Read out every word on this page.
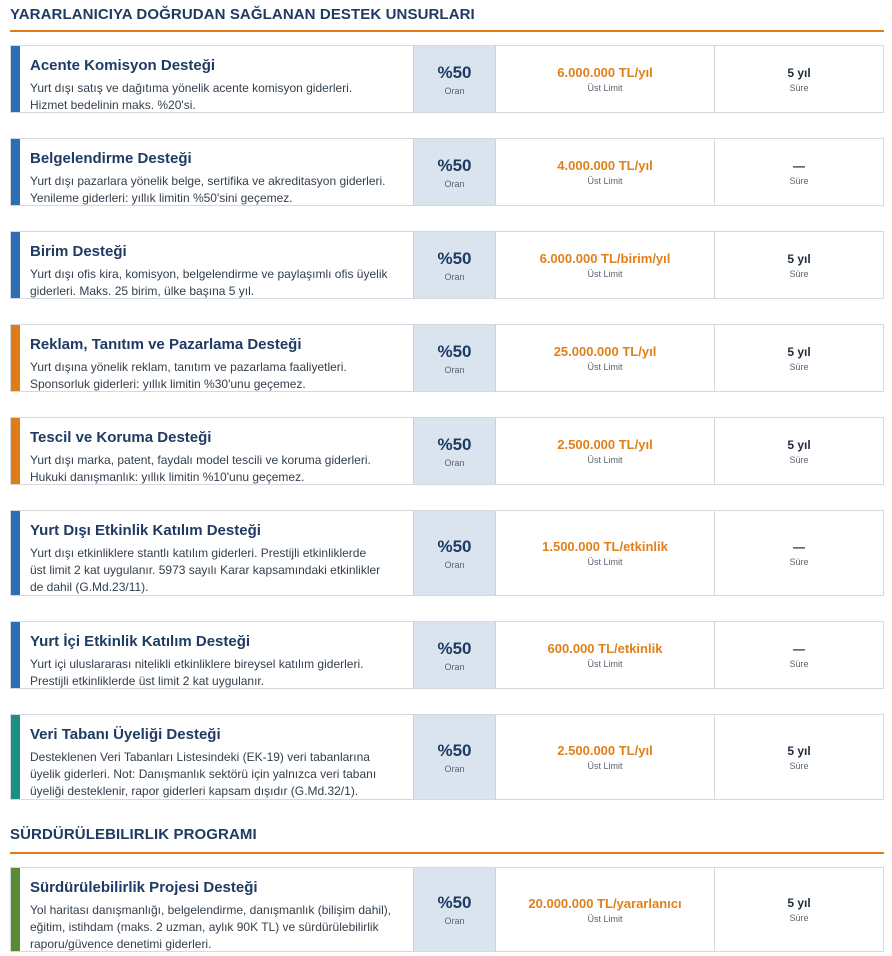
YARARLANICIYA DOĞRUDAN SAĞLANAN DESTEK UNSURLARI
SÜRDÜRÜLEBILIRLIK PROGRAMI
Acente Komisyon Desteği
Yurt dışı satış ve dağıtıma yönelik acente komisyon giderleri.
Hizmet bedelinin maks. %20'si.
%50
Oran
6.000.000 TL/yıl
Üst Limit
5 yıl
Süre
Belgelendirme Desteği
Yurt dışı pazarlara yönelik belge, sertifika ve akreditasyon giderleri.
Yenileme giderleri: yıllık limitin %50'sini geçemez.
%50
Oran
4.000.000 TL/yıl
Üst Limit
—
Süre
Birim Desteği
Yurt dışı ofis kira, komisyon, belgelendirme ve paylaşımlı ofis üyelik
giderleri. Maks. 25 birim, ülke başına 5 yıl.
%50
Oran
6.000.000 TL/birim/yıl
Üst Limit
5 yıl
Süre
Reklam, Tanıtım ve Pazarlama Desteği
Yurt dışına yönelik reklam, tanıtım ve pazarlama faaliyetleri.
Sponsorluk giderleri: yıllık limitin %30'unu geçemez.
%50
Oran
25.000.000 TL/yıl
Üst Limit
5 yıl
Süre
Tescil ve Koruma Desteği
Yurt dışı marka, patent, faydalı model tescili ve koruma giderleri.
Hukuki danışmanlık: yıllık limitin %10'unu geçemez.
%50
Oran
2.500.000 TL/yıl
Üst Limit
5 yıl
Süre
Yurt Dışı Etkinlik Katılım Desteği
Yurt dışı etkinliklere stantlı katılım giderleri. Prestijli etkinliklerde
üst limit 2 kat uygulanır. 5973 sayılı Karar kapsamındaki etkinlikler
de dahil (G.Md.23/11).
%50
Oran
1.500.000 TL/etkinlik
Üst Limit
—
Süre
Yurt İçi Etkinlik Katılım Desteği
Yurt içi uluslararası nitelikli etkinliklere bireysel katılım giderleri.
Prestijli etkinliklerde üst limit 2 kat uygulanır.
%50
Oran
600.000 TL/etkinlik
Üst Limit
—
Süre
Veri Tabanı Üyeliği Desteği
Desteklenen Veri Tabanları Listesindeki (EK-19) veri tabanlarına
üyelik giderleri. Not: Danışmanlık sektörü için yalnızca veri tabanı
üyeliği desteklenir, rapor giderleri kapsam dışıdır (G.Md.32/1).
%50
Oran
2.500.000 TL/yıl
Üst Limit
5 yıl
Süre
Sürdürülebilirlik Projesi Desteği
Yol haritası danışmanlığı, belgelendirme, danışmanlık (bilişim dahil),
eğitim, istihdam (maks. 2 uzman, aylık 90K TL) ve sürdürülebilirlik
raporu/güvence denetimi giderleri.
%50
Oran
20.000.000 TL/yararlanıcı
Üst Limit
5 yıl
Süre
